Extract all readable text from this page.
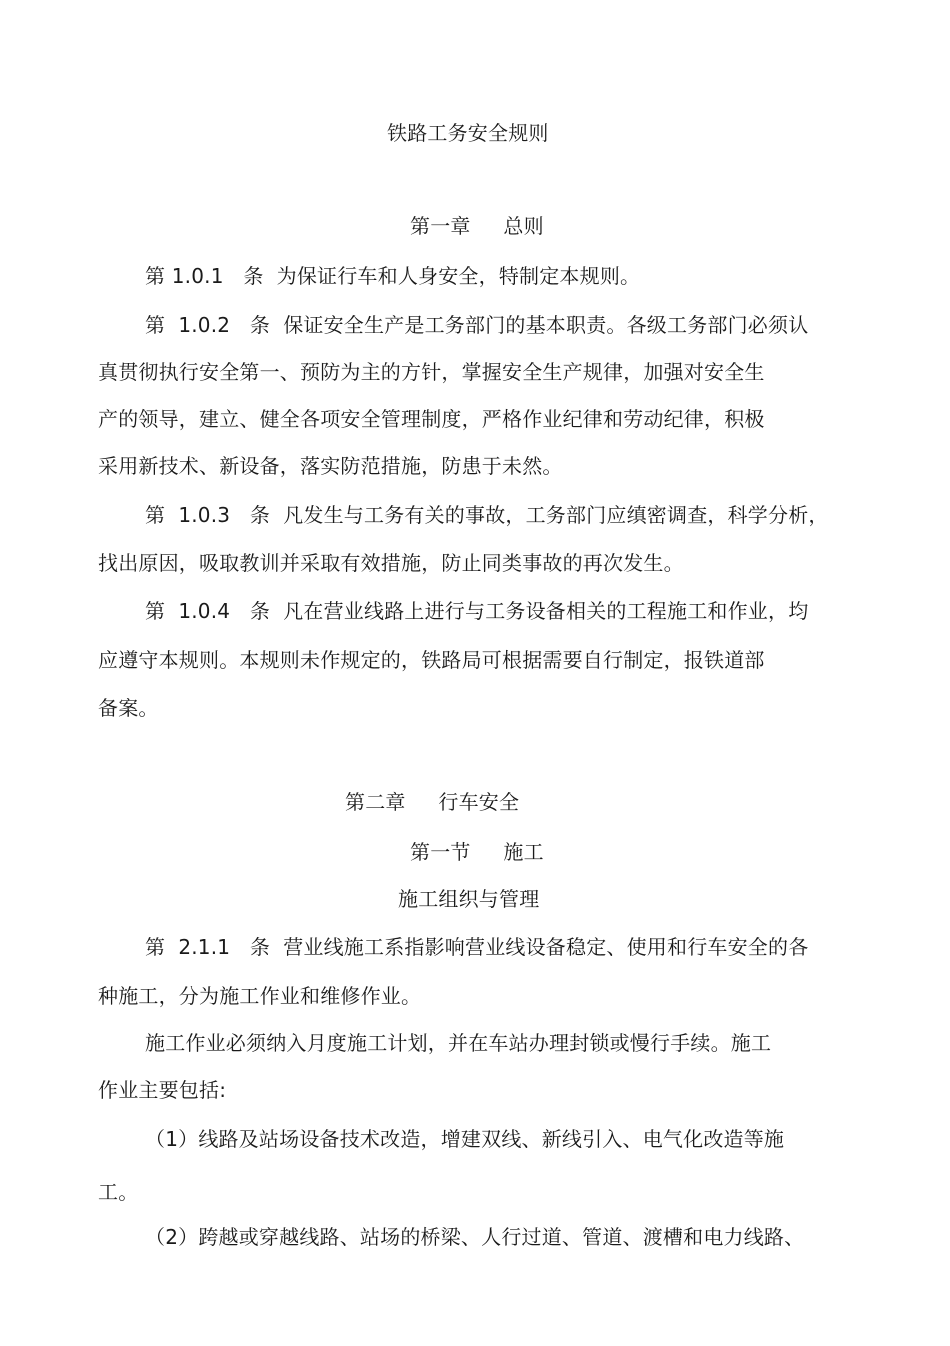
铁路工务安全规则
第一章     总则
第 1.0.1   条  为保证行车和人身安全，特制定本规则。
第  1.0.2   条  保证安全生产是工务部门的基本职责。各级工务部门必须认
真贯彻执行安全第一、预防为主的方针，掌握安全生产规律，加强对安全生
产的领导，建立、健全各项安全管理制度，严格作业纪律和劳动纪律，积极
采用新技术、新设备，落实防范措施，防患于未然。
第  1.0.3   条  凡发生与工务有关的事故，工务部门应缜密调查，科学分析，
找出原因，吸取教训并采取有效措施，防止同类事故的再次发生。
第  1.0.4   条  凡在营业线路上进行与工务设备相关的工程施工和作业，均
应遵守本规则。本规则未作规定的，铁路局可根据需要自行制定，报铁道部
备案。
第二章     行车安全
第一节     施工
施工组织与管理
第  2.1.1   条  营业线施工系指影响营业线设备稳定、使用和行车安全的各
种施工，分为施工作业和维修作业。
施工作业必须纳入月度施工计划，并在车站办理封锁或慢行手续。施工
作业主要包括:
（1）线路及站场设备技术改造，增建双线、新线引入、电气化改造等施
工。
（2）跨越或穿越线路、站场的桥梁、人行过道、管道、渡槽和电力线路、
